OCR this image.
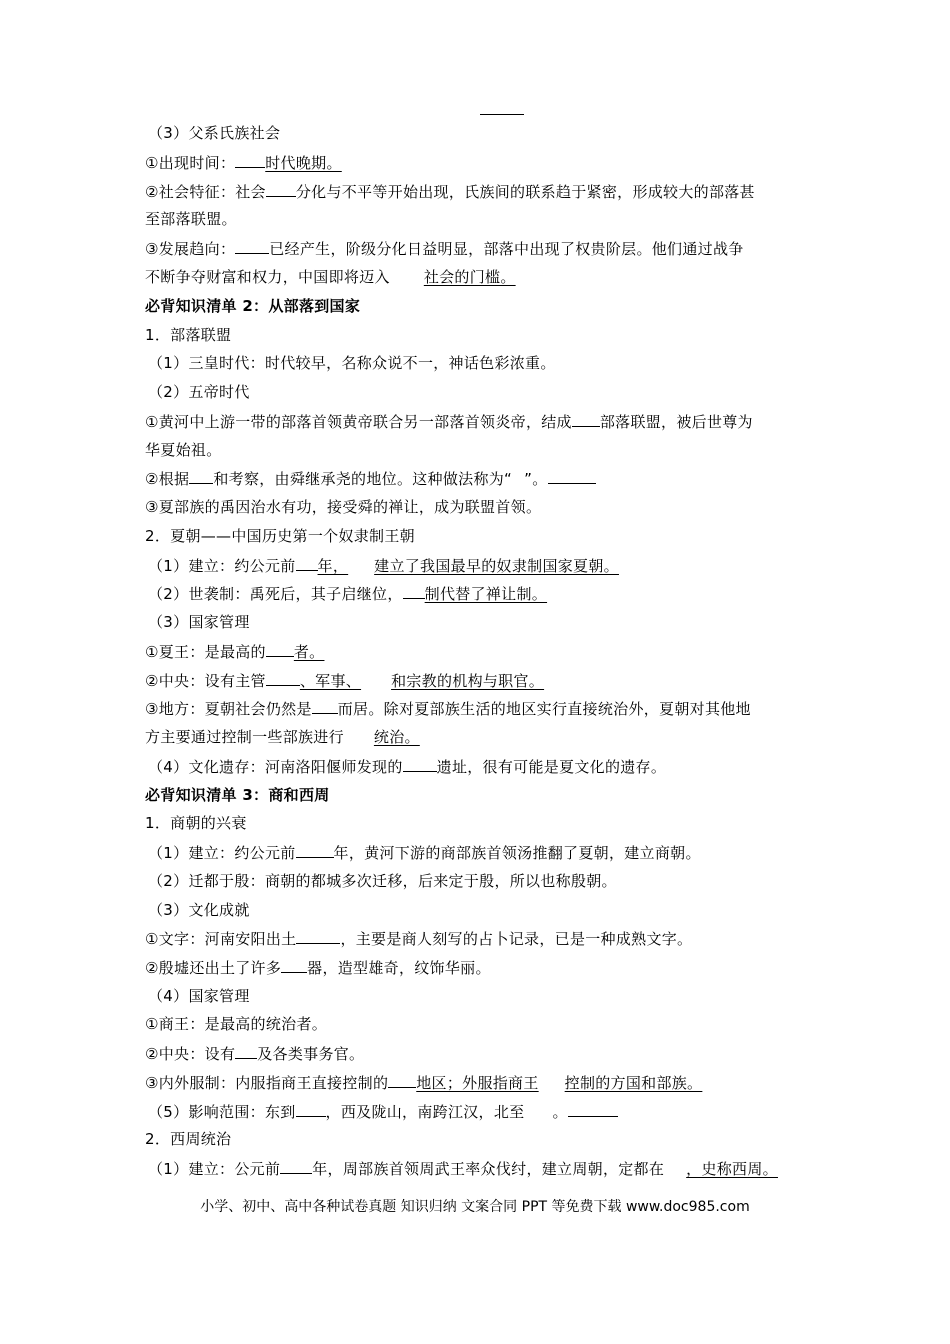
（3）父系氏族社会
①出现时间： 时代晚期。
②社会特征：社会 分化与不平等开始出现，氏族间的联系趋于紧密，形成较大的部落甚
至部落联盟。
③发展趋向： 已经产生，阶级分化日益明显，部落中出现了权贵阶层。他们通过战争
不断争夺财富和权力，中国即将迈入 社会的门槛。
必背知识清单 2：从部落到国家
1．部落联盟
（1）三皇时代：时代较早，名称众说不一，神话色彩浓重。
（2）五帝时代
①黄河中上游一带的部落首领黄帝联合另一部落首领炎帝，结成 部落联盟，被后世尊为
华夏始祖。
②根据 和考察，由舜继承尧的地位。这种做法称为“ ”。
③夏部族的禹因治水有功，接受舜的禅让，成为联盟首领。
2．夏朝——中国历史第一个奴隶制王朝
（1）建立：约公元前 年， 建立了我国最早的奴隶制国家夏朝。
（2）世袭制：禹死后，其子启继位， 制代替了禅让制。
（3）国家管理
①夏王：是最高的 者。
②中央：设有主管 、军事、 和宗教的机构与职官。
③地方：夏朝社会仍然是 而居。除对夏部族生活的地区实行直接统治外，夏朝对其他地
方主要通过控制一些部族进行 统治。
（4）文化遗存：河南洛阳偃师发现的 遗址，很有可能是夏文化的遗存。
必背知识清单 3：商和西周
1．商朝的兴衰
（1）建立：约公元前	年，黄河下游的商部族首领汤推翻了夏朝，建立商朝。
（2）迁都于殷：商朝的都城多次迁移，后来定于殷，所以也称殷朝。
（3）文化成就
①文字：河南安阳出土	，主要是商人刻写的占卜记录，已是一种成熟文字。
②殷墟还出土了许多 器，造型雄奇，纹饰华丽。
（4）国家管理
①商王：是最高的统治者。
②中央：设有 及各类事务官。
③内外服制：内服指商王直接控制的 地区；外服指商王 控制的方国和部族。
（5）影响范围：东到 ，西及陇山，南跨江汉，北至 。
2．西周统治
（1）建立：公元前 年，周部族首领周武王率众伐纣，建立周朝，定都在 ，史称西周。
小学、初中、高中各种试卷真题 知识归纳 文案合同 PPT 等免费下载 www.doc985.com
